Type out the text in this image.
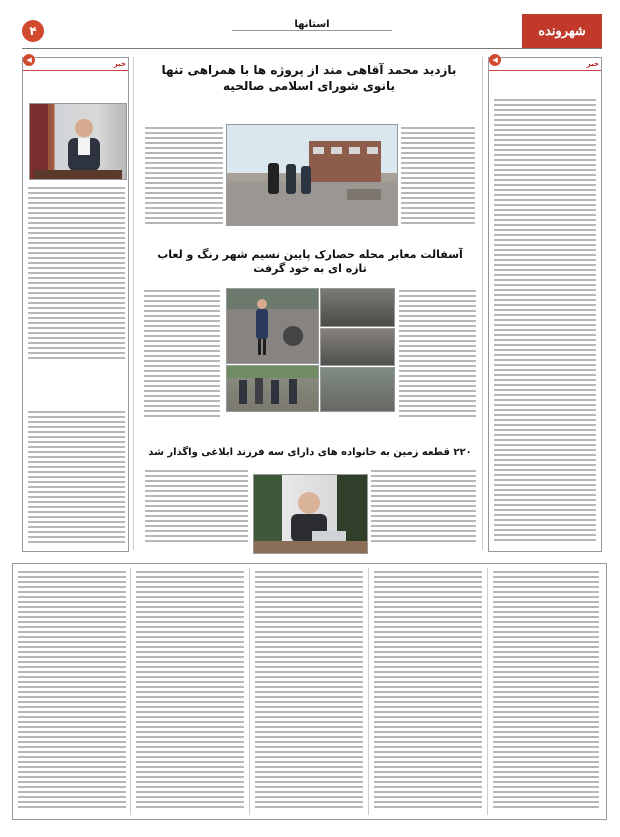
شهرونده
استانها
۴
◀	خبر	◀	خبر
بازدید محمد آقاهی مند از پروژه ها با همراهی تنها بانوی شورای اسلامی صالحیه
آسفالت معابر محله حصارک پایین نسیم شهر رنگ و لعاب تازه ای به خود گرفت
۲۲۰ قطعه زمین به خانواده های دارای سه فرزند ابلاغی واگذار شد
